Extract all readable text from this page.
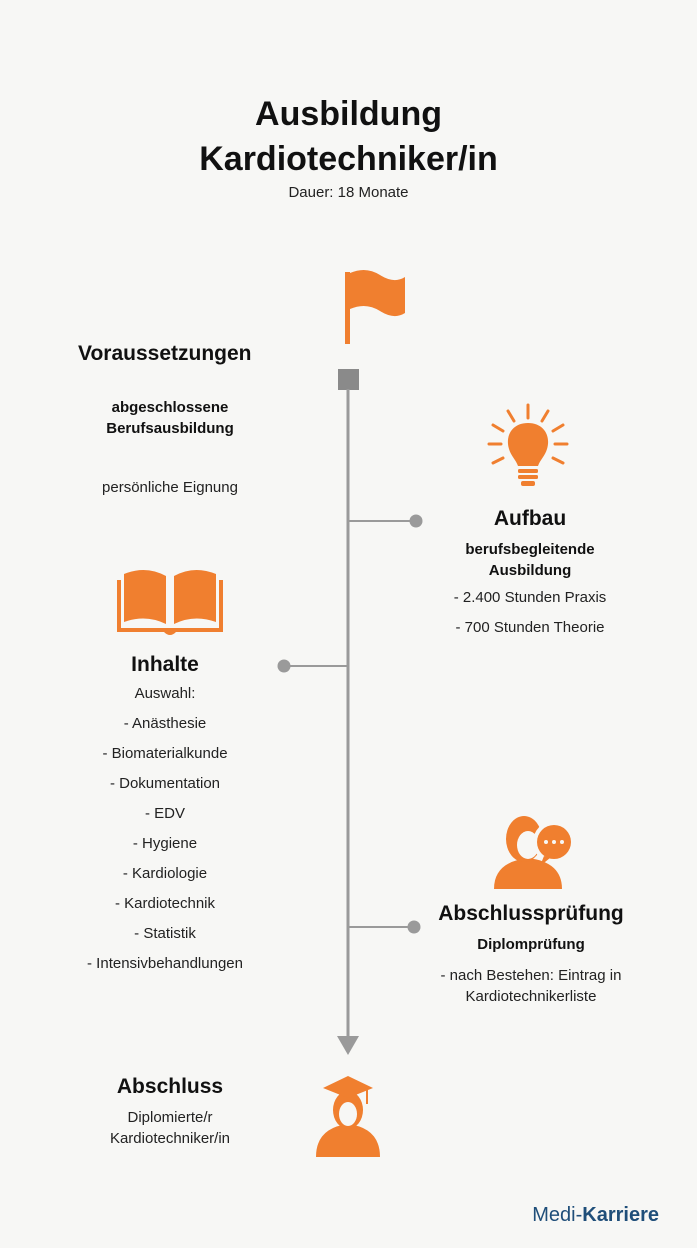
Ausbildung
Kardiotechniker/in
Dauer: 18 Monate
Voraussetzungen
abgeschlossene
Berufsausbildung
persönliche Eignung
Aufbau
berufsbegleitende
Ausbildung
- 2.400 Stunden Praxis
- 700 Stunden Theorie
Inhalte
Auswahl:
- Anästhesie
- Biomaterialkunde
- Dokumentation
- EDV
- Hygiene
- Kardiologie
- Kardiotechnik
- Statistik
- Intensivbehandlungen
Abschlussprüfung
Diplomprüfung
- nach Bestehen: Eintrag in
Kardiotechnikerliste
Abschluss
Diplomierte/r
Kardiotechniker/in
Medi-Karriere
